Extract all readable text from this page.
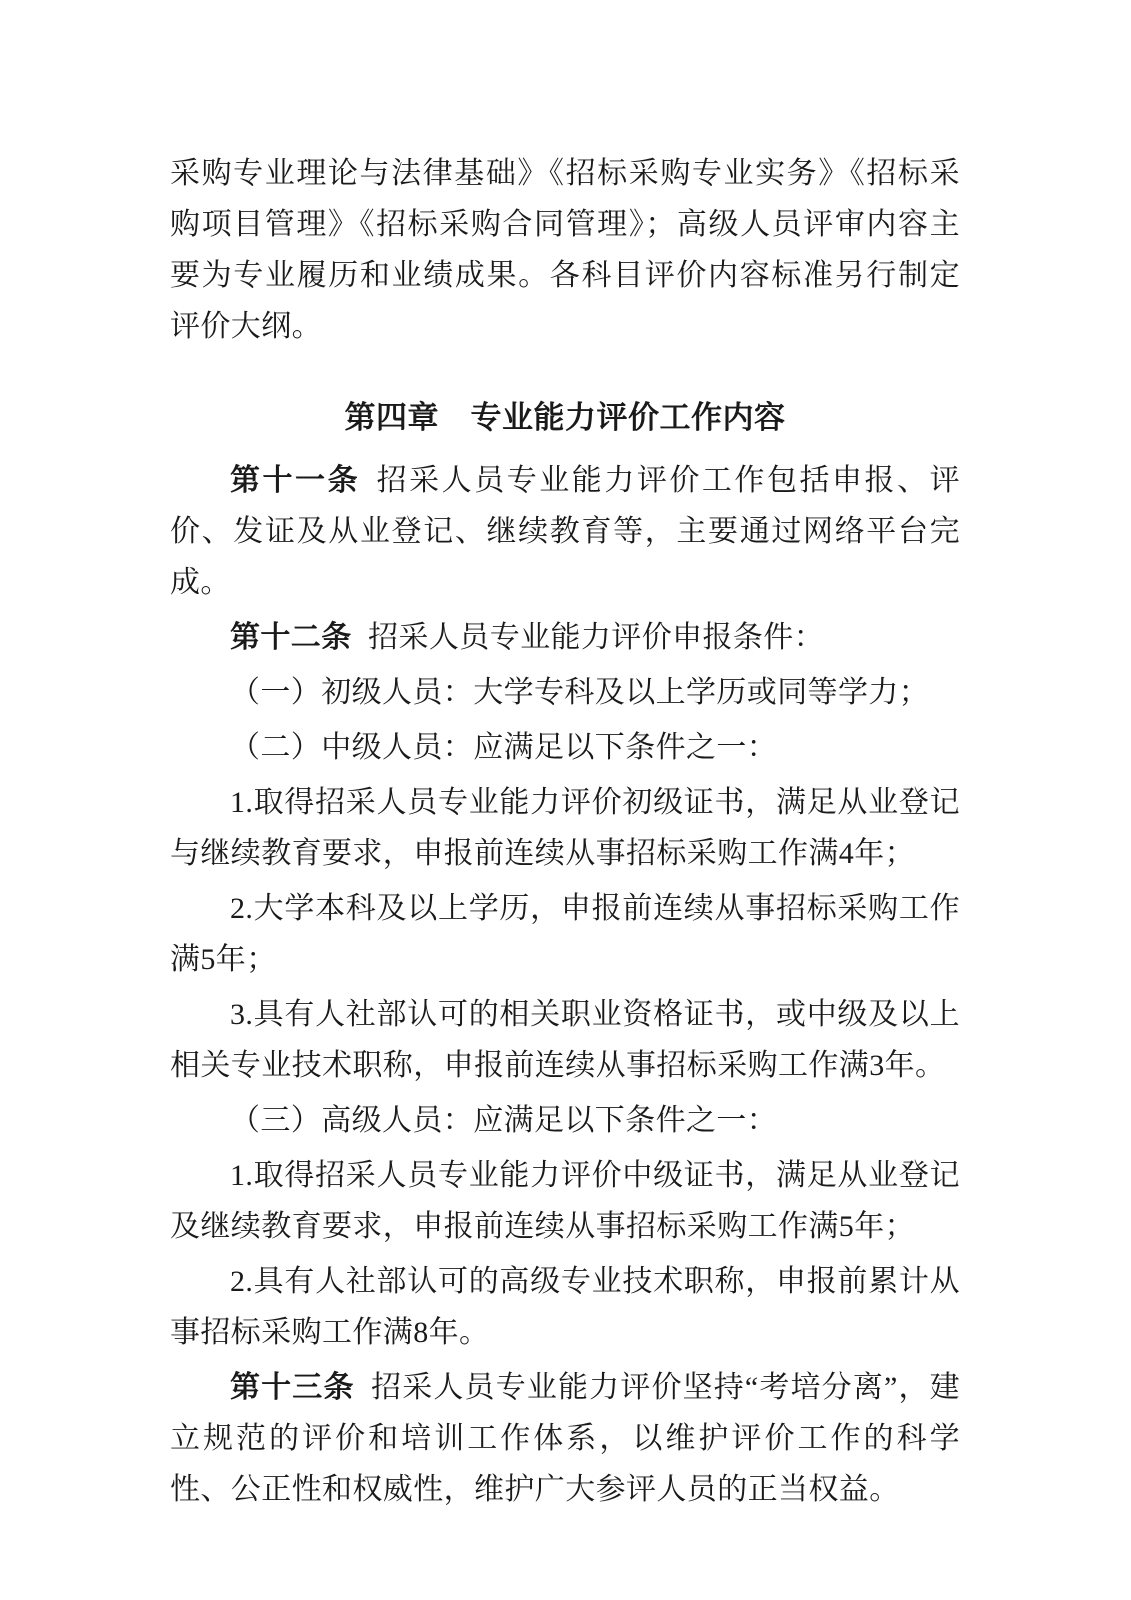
采购专业理论与法律基础》《招标采购专业实务》《招标采购项目管理》《招标采购合同管理》；高级人员评审内容主要为专业履历和业绩成果。各科目评价内容标准另行制定评价大纲。

第四章　专业能力评价工作内容

第十一条 招采人员专业能力评价工作包括申报、评价、发证及从业登记、继续教育等，主要通过网络平台完成。

第十二条 招采人员专业能力评价申报条件：

（一）初级人员：大学专科及以上学历或同等学力；

（二）中级人员：应满足以下条件之一：

1.取得招采人员专业能力评价初级证书，满足从业登记与继续教育要求，申报前连续从事招标采购工作满4年；

2.大学本科及以上学历，申报前连续从事招标采购工作满5年；

3.具有人社部认可的相关职业资格证书，或中级及以上相关专业技术职称，申报前连续从事招标采购工作满3年。

（三）高级人员：应满足以下条件之一：

1.取得招采人员专业能力评价中级证书，满足从业登记及继续教育要求，申报前连续从事招标采购工作满5年；

2.具有人社部认可的高级专业技术职称，申报前累计从事招标采购工作满8年。

第十三条 招采人员专业能力评价坚持“考培分离”，建立规范的评价和培训工作体系，以维护评价工作的科学性、公正性和权威性，维护广大参评人员的正当权益。
